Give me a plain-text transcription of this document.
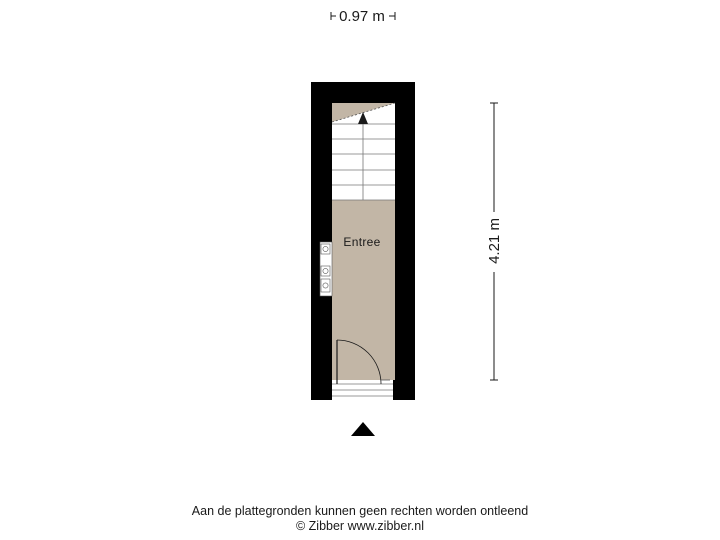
0.97 m
Entree	4.21 m
Aan de plattegronden kunnen geen rechten worden ontleend
© Zibber www.zibber.nl
